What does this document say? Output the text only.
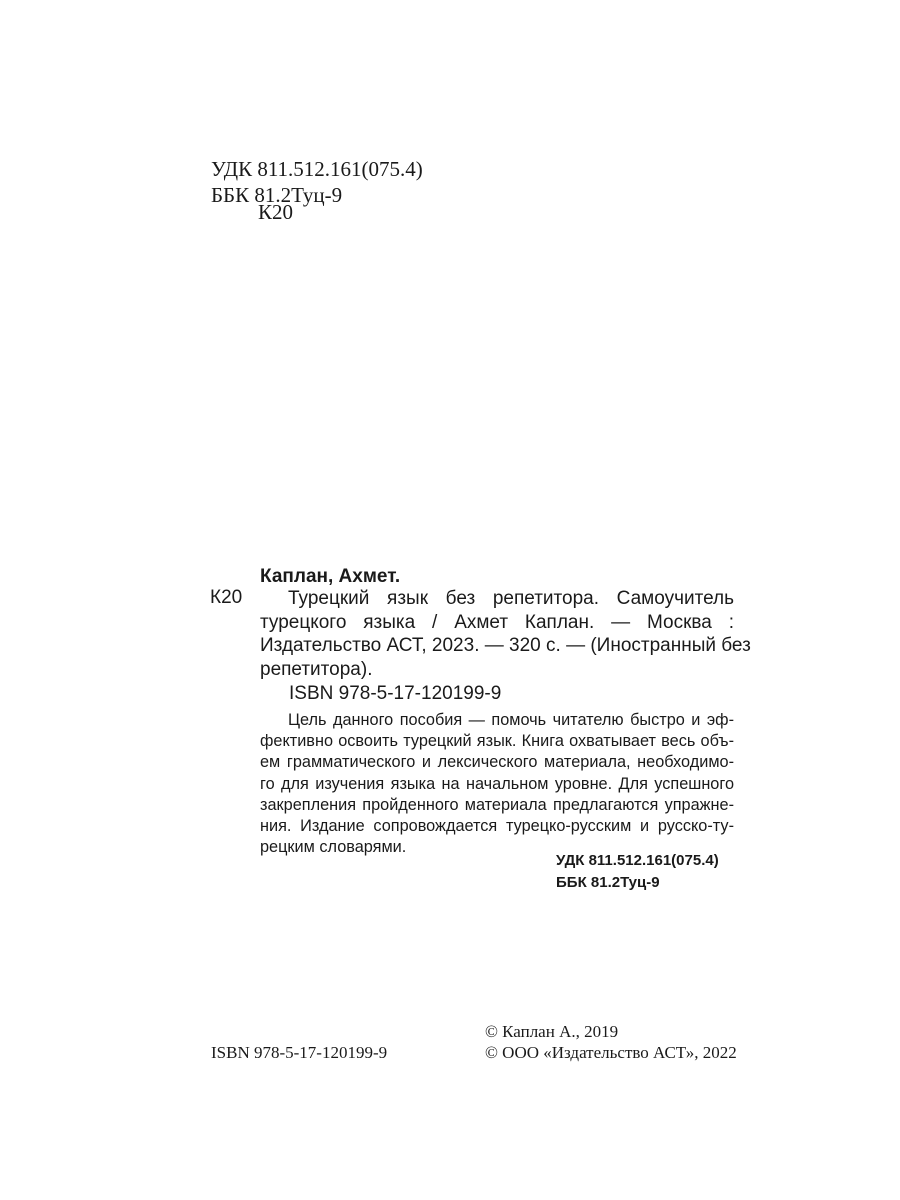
УДК 811.512.161(075.4)
ББК 81.2Туц-9
К20
Каплан, Ахмет.
К20	Турецкий язык без репетитора. Самоучитель
турецкого языка / Ахмет Каплан. — Москва :
Издательство АСТ, 2023. — 320 с. — (Иностранный без
репетитора).
ISBN 978-5-17-120199-9
Цель данного пособия — помочь читателю быстро и эф-
фективно освоить турецкий язык. Книга охватывает весь объ-
ем грамматического и лексического материала, необходимо-
го для изучения языка на начальном уровне. Для успешного
закрепления пройденного материала предлагаются упражне-
ния. Издание сопровождается турецко-русским и русско-ту-
рецким словарями.
УДК 811.512.161(075.4)
ББК 81.2Туц-9
© Каплан А., 2019
ISBN 978-5-17-120199-9	© ООО «Издательство АСТ», 2022
